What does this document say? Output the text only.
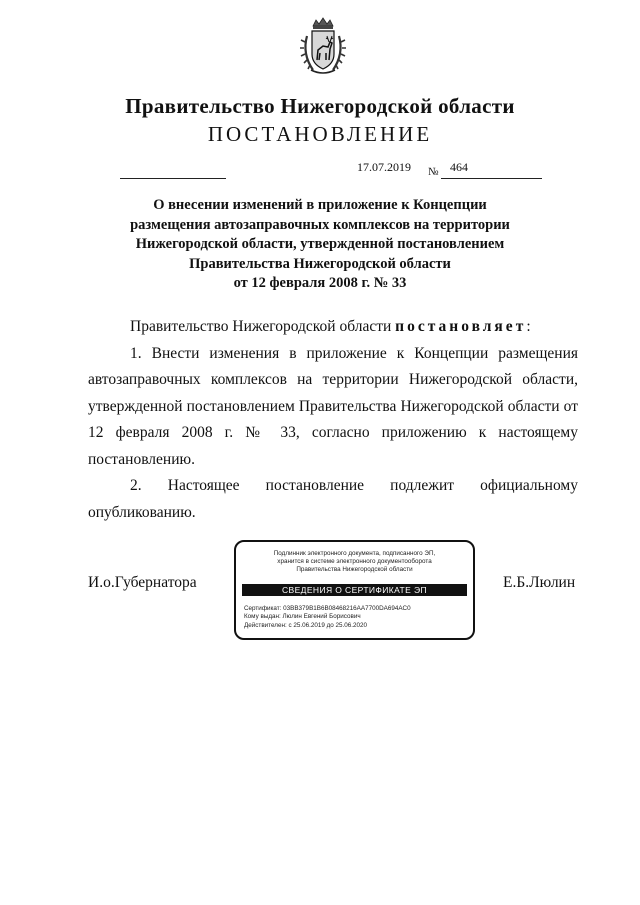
Правительство Нижегородской области
ПОСТАНОВЛЕНИЕ
17.07.2019 № 464
О внесении изменений в приложение к Концепции
размещения автозаправочных комплексов на территории
Нижегородской области, утвержденной постановлением
Правительства Нижегородской области
от 12 февраля 2008 г. № 33

Правительство Нижегородской области постановляет:

1. Внести изменения в приложение к Концепции размещения автозаправочных комплексов на территории Нижегородской области, утвержденной постановлением Правительства Нижегородской области от 12 февраля 2008 г. № 33, согласно приложению к настоящему постановлению.

2. Настоящее постановление подлежит официальному опубликованию.

И.о.Губернатора	Е.Б.Люлин
Подлинник электронного документа, подписанного ЭП,
хранится в системе электронного документооборота
Правительства Нижегородской области
СВЕДЕНИЯ О СЕРТИФИКАТЕ ЭП
Сертификат: 03BB379B1B6B08468216AA7700DA694AC0
Кому выдан: Люлин Евгений Борисович
Действителен: с 25.06.2019 до 25.06.2020
